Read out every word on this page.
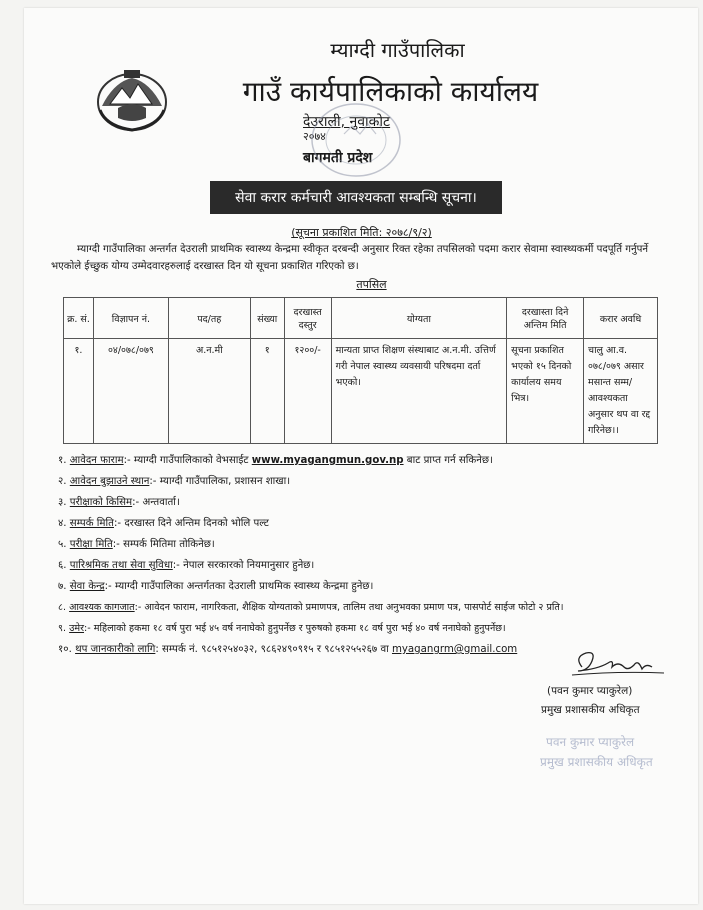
म्याग्दी गाउँपालिका
गाउँ कार्यपालिकाको कार्यालय
देउराली, नुवाकोट
२०७४
बागमती प्रदेश
सेवा करार कर्मचारी आवश्यकता सम्बन्धि सूचना।
(सूचना प्रकाशित मिति: २०७८/९/२)
म्याग्दी गाउँपालिका अन्तर्गत देउराली प्राथमिक स्वास्थ्य केन्द्रमा स्वीकृत दरबन्दी अनुसार रिक्त रहेका तपसिलको पदमा करार सेवामा स्वास्थ्यकर्मी पदपूर्ति गर्नुपर्ने भएकोले ईच्छुक योग्य उम्मेदवारहरुलाई दरखास्त दिन यो सूचना प्रकाशित गरिएको छ।
तपसिल
क्र. सं.	विज्ञापन नं.	पद/तह	संख्या	दरखास्त दस्तुर	योग्यता	दरखास्ता दिने अन्तिम मिति	करार अवधि
१.	०४/०७८/०७९	अ.न.मी	१	१२००/-	मान्यता प्राप्त शिक्षण संस्थाबाट अ.न.मी. उत्तिर्ण गरी नेपाल स्वास्थ्य व्यवसायी परिषदमा दर्ता भएको।	सूचना प्रकाशित भएको १५ दिनको कार्यालय समय भित्र।	चालु आ.व. ०७८/०७९ असार मसान्त सम्म/आवश्यकता अनुसार थप वा रद्द गरिनेछ।।
१. आवेदन फाराम:- म्याग्दी गाउँपालिकाको वेभसाईट www.myagangmun.gov.np बाट प्राप्त गर्न सकिनेछ।
२. आवेदन बुझाउने स्थान:- म्याग्दी गाउँपालिका, प्रशासन शाखा।
३. परीक्षाको किसिम:- अन्तवार्ता।
४. सम्पर्क मिति:- दरखास्त दिने अन्तिम दिनको भोलि पल्ट
५. परीक्षा मिति:- सम्पर्क मितिमा तोकिनेछ।
६. पारिश्रमिक तथा सेवा सुविधा:- नेपाल सरकारको नियमानुसार हुनेछ।
७. सेवा केन्द्र:- म्याग्दी गाउँपालिका अन्तर्गतका देउराली प्राथमिक स्वास्थ्य केन्द्रमा हुनेछ।
८. आवश्यक कागजात:- आवेदन फाराम, नागरिकता, शैक्षिक योग्यताको प्रमाणपत्र, तालिम तथा अनुभवका प्रमाण पत्र, पासपोर्ट साईज फोटो २ प्रति।
९. उमेर:- महिलाको हकमा १८ वर्ष पुरा भई ४५ वर्ष ननाघेको हुनुपर्नेछ र पुरुषको हकमा १८ वर्ष पुरा भई ४० वर्ष ननाघेको हुनुपर्नेछ।
१०. थप जानकारीको लागि: सम्पर्क नं. ९८५१२५४०३२, ९८६२४९०९१५ र ९८५१२५५२६७ वा myagangrm@gmail.com
(पवन कुमार प्याकुरेल)
प्रमुख प्रशासकीय अधिकृत
पवन कुमार प्याकुरेल
प्रमुख प्रशासकीय अधिकृत
